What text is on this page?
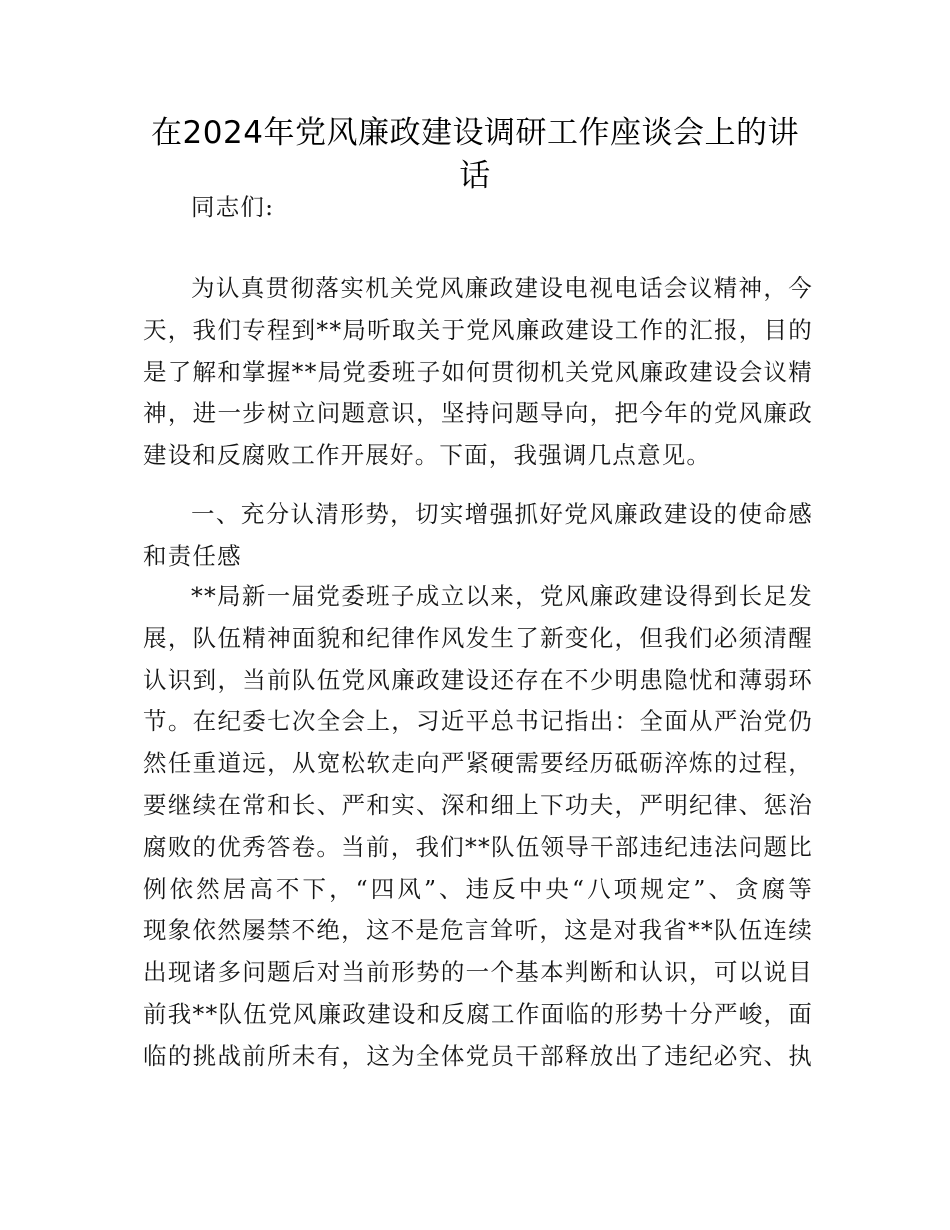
在2024年党风廉政建设调研工作座谈会上的讲
话
同志们:
为认真贯彻落实机关党风廉政建设电视电话会议精神，今
天，我们专程到**局听取关于党风廉政建设工作的汇报，目的
是了解和掌握**局党委班子如何贯彻机关党风廉政建设会议精
神，进一步树立问题意识，坚持问题导向，把今年的党风廉政
建设和反腐败工作开展好。下面，我强调几点意见。
一、充分认清形势，切实增强抓好党风廉政建设的使命感
和责任感
**局新一届党委班子成立以来，党风廉政建设得到长足发
展，队伍精神面貌和纪律作风发生了新变化，但我们必须清醒
认识到，当前队伍党风廉政建设还存在不少明患隐忧和薄弱环
节。在纪委七次全会上，习近平总书记指出：全面从严治党仍
然任重道远，从宽松软走向严紧硬需要经历砥砺淬炼的过程，
要继续在常和长、严和实、深和细上下功夫，严明纪律、惩治
腐败的优秀答卷。当前，我们**队伍领导干部违纪违法问题比
例依然居高不下，“四风”、违反中央“八项规定”、贪腐等
现象依然屡禁不绝，这不是危言耸听，这是对我省**队伍连续
出现诸多问题后对当前形势的一个基本判断和认识，可以说目
前我**队伍党风廉政建设和反腐工作面临的形势十分严峻，面
临的挑战前所未有，这为全体党员干部释放出了违纪必究、执
